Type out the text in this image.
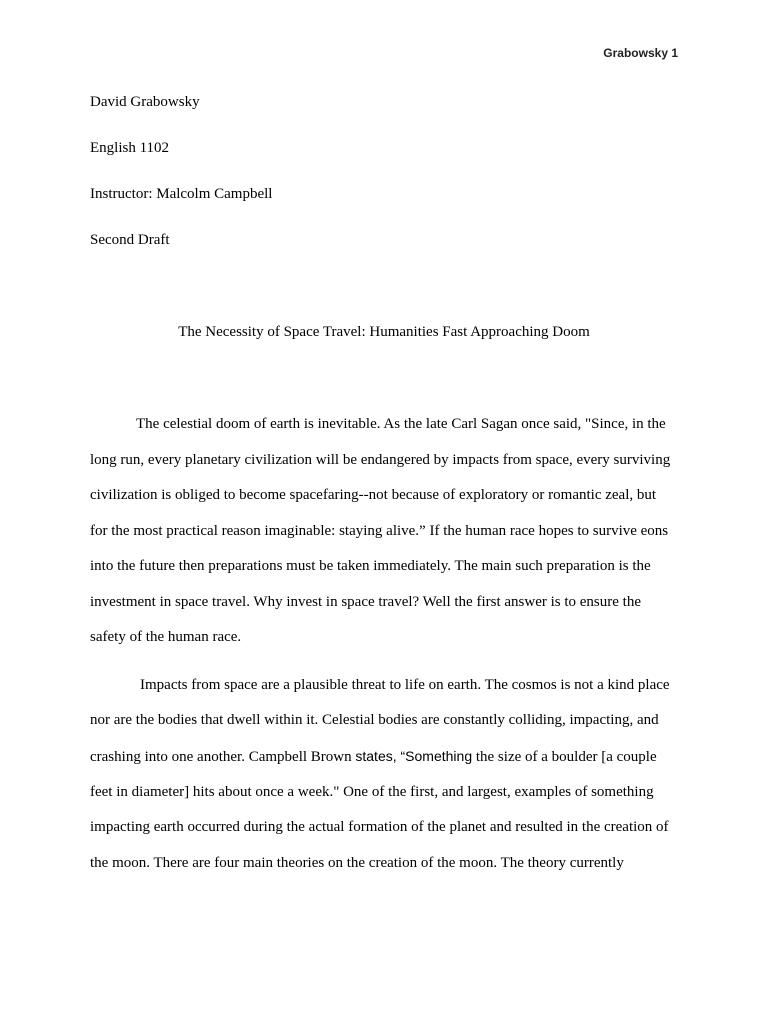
Grabowsky 1
David Grabowsky
English 1102
Instructor: Malcolm Campbell
Second Draft
The Necessity of Space Travel: Humanities Fast Approaching Doom
The celestial doom of earth is inevitable. As the late Carl Sagan once said, "Since, in the
long run, every planetary civilization will be endangered by impacts from space, every surviving
civilization is obliged to become spacefaring--not because of exploratory or romantic zeal, but
for the most practical reason imaginable: staying alive.” If the human race hopes to survive eons
into the future then preparations must be taken immediately. The main such preparation is the
investment in space travel. Why invest in space travel? Well the first answer is to ensure the
safety of the human race.
Impacts from space are a plausible threat to life on earth. The cosmos is not a kind place
nor are the bodies that dwell within it. Celestial bodies are constantly colliding, impacting, and
crashing into one another. Campbell Brown states, “Something the size of a boulder [a couple
feet in diameter] hits about once a week." One of the first, and largest, examples of something
impacting earth occurred during the actual formation of the planet and resulted in the creation of
the moon. There are four main theories on the creation of the moon. The theory currently
